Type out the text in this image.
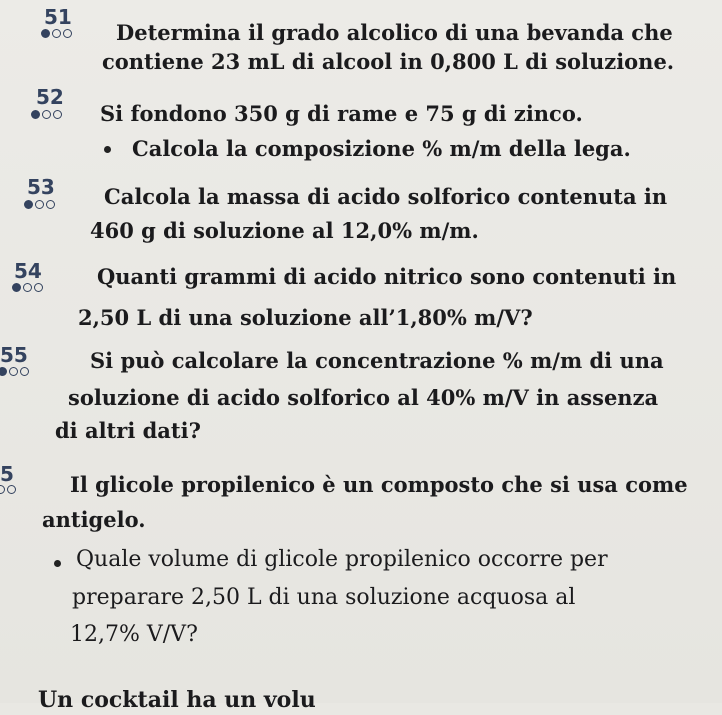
51
Determina il grado alcolico di una bevanda che
contiene 23 mL di alcool in 0,800 L di soluzione.
52
Si fondono 350 g di rame e 75 g di zinco.
Calcola la composizione % m/m della lega.
53 Calcola la massa di acido solforico contenuta in
460 g di soluzione al 12,0% m/m.
54	Quanti grammi di acido nitrico sono contenuti in
2,50 L di una soluzione all’1,80% m/V?
55	Si può calcolare la concentrazione % m/m di una
soluzione di acido solforico al 40% m/V in assenza
di altri dati?
5	Il glicole propilenico è un composto che si usa come
antigelo.
Quale volume di glicole propilenico occorre per
preparare 2,50 L di una soluzione acquosa al
12,7% V/V?
Un cocktail ha un volu
